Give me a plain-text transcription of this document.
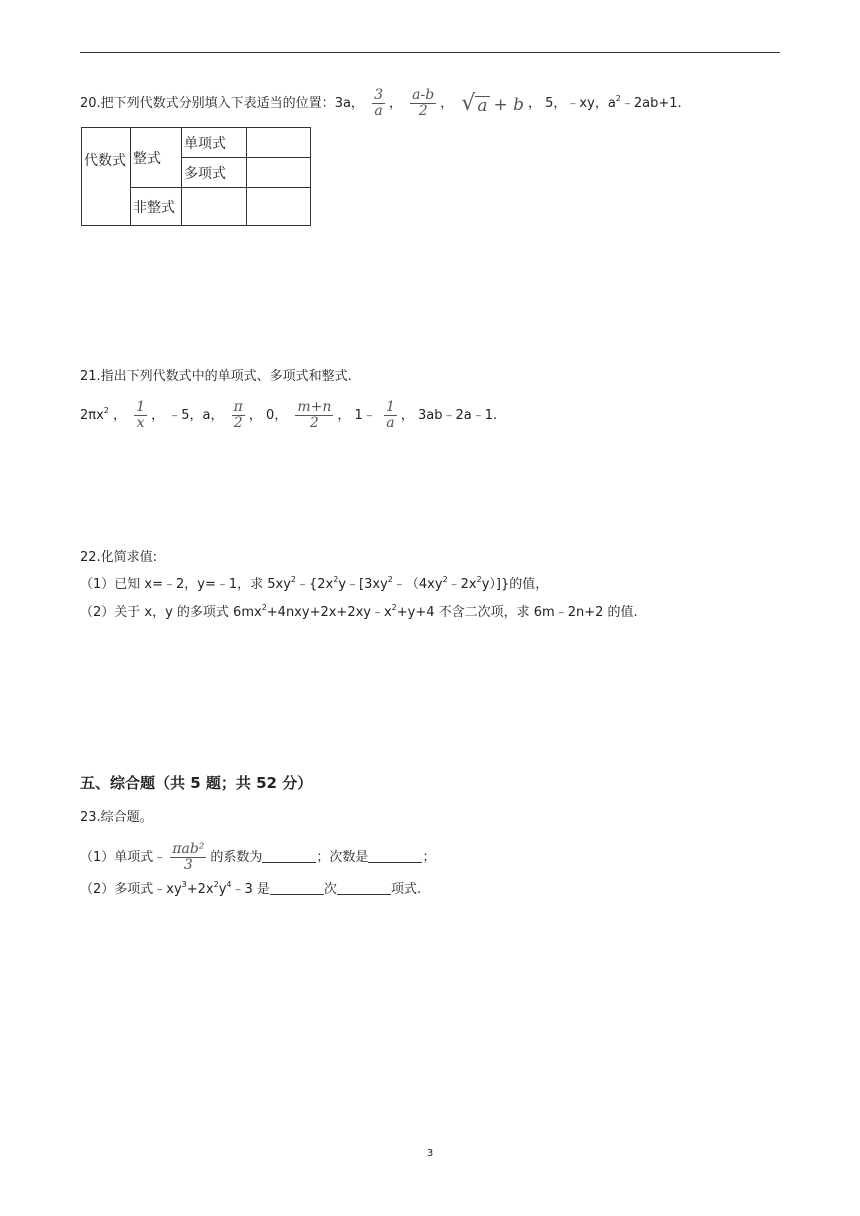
20.把下列代数式分别填入下表适当的位置：3a， $\frac{3}{a}$ ， $\frac{a-b}{2}$ ， √ a + b ， 5，﹣xy，$a^2﹣2ab+1$.
代数式	整式	单项式	
		多项式	
	非整式		
21.指出下列代数式中的单项式、多项式和整式.
$2\pi x^2$ ， $\frac{1}{x}$ ， ﹣5，a， $\frac{\pi}{2}$ ， 0， $\frac{m+n}{2}$ ， 1﹣ $\frac{1}{a}$ ， 3ab﹣2a﹣1.
22.化简求值:
（1）已知 x=﹣2，y=﹣1，求 $5xy^2﹣\{2x^2y﹣[3xy^2﹣(4xy^2﹣2x^2y)]\}$的值，
（2）关于 x，y 的多项式 $6mx^2+4nxy+2x+2xy﹣x^2+y+4$ 不含二次项，求 6m﹣2n+2 的值.
五、综合题（共 5 题；共 52 分）
23.综合题。
（1）单项式﹣ $\frac{\text{πab²}}{3}$ 的系数为	；次数是	；
（2）多项式$﹣xy^3+2x^2y^4﹣3$ 是	次	项式.
3
